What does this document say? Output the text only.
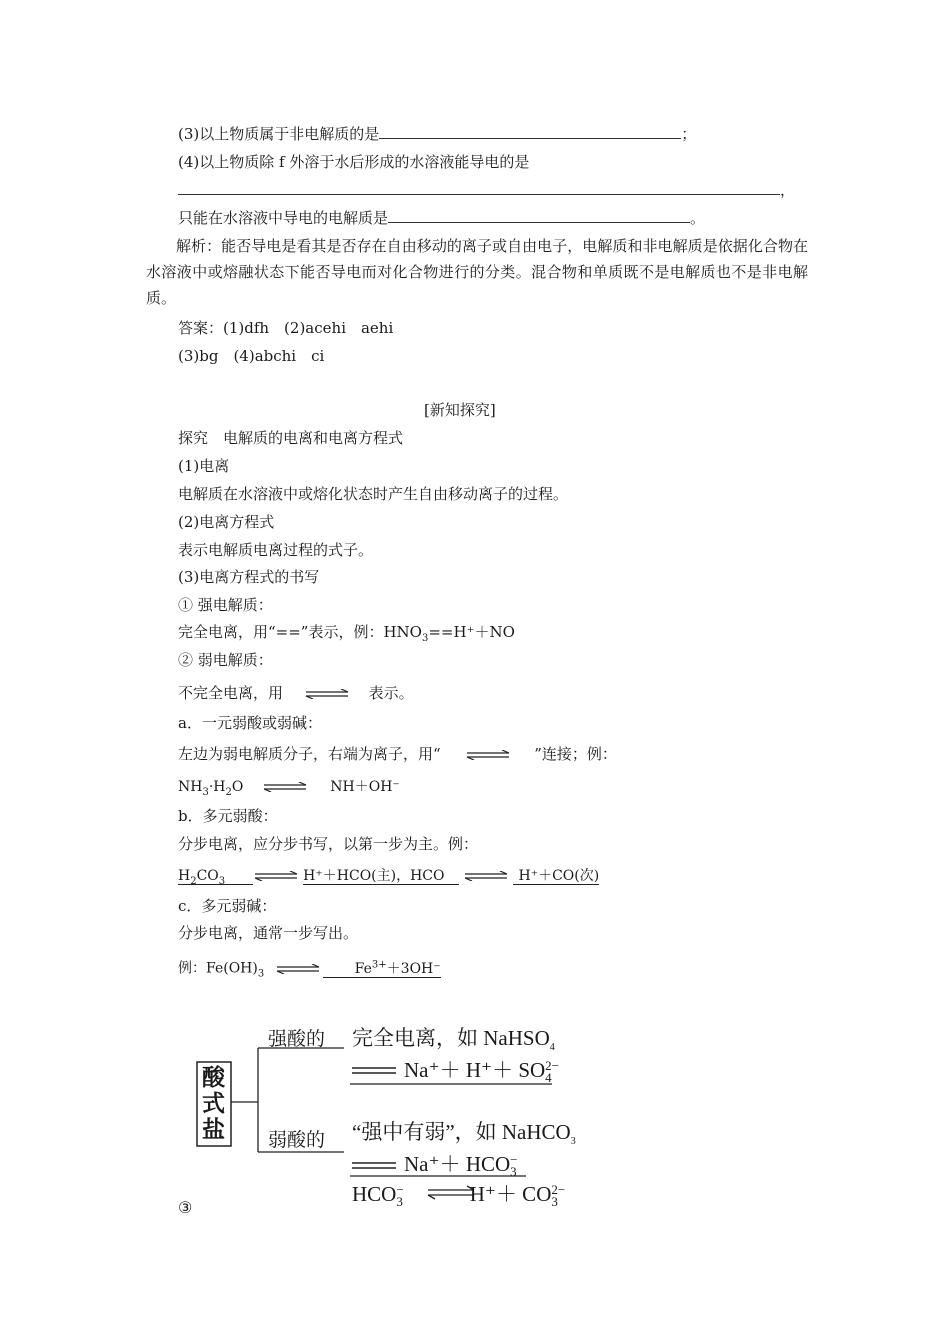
(3)以上物质属于非电解质的是	；
(4)以上物质除 f 外溶于水后形成的水溶液能导电的是
，
只能在水溶液中导电的电解质是	。
解析：能否导电是看其是否存在自由移动的离子或自由电子，电解质和非电解质是依据化合物在水溶液中或熔融状态下能否导电而对化合物进行的分类。混合物和单质既不是电解质也不是非电解质。
答案：(1)dfh　(2)acehi　aehi
(3)bg　(4)abchi　ci
[新知探究]
探究　电解质的电离和电离方程式
(1)电离
电解质在水溶液中或熔化状态时产生自由移动离子的过程。
(2)电离方程式
表示电解质电离过程的式子。
(3)电离方程式的书写
① 强电解质：
完全电离，用“==”表示，例：$HNO_3==H^++NO$
② 弱电解质：
不完全电离，用 ⇌ 表示。
a．一元弱酸或弱碱：
左边为弱电解质分子，右端为离子，用“	”连接；例：
$NH_3\cdot H_2O$ ⇌ NH＋OH⁻
b．多元弱酸：
分步电离，应分步书写，以第一步为主。例：
$H_2CO_3$ ⇌ H⁺＋HCO(主)，HCO ⇌ H⁺＋CO(次)
c．多元弱碱：
分步电离，通常一步写出。
例：$Fe(OH)_3$ ⇌ $Fe^{3+}+3OH^-$
酸
式
盐
强酸的
弱酸的
完全电离，如 NaHSO$_4$
Na⁺＋ H⁺＋ SO2−
4
“强中有弱”，如 NaHCO$_3$
Na⁺＋ HCO−
3
HCO−
3	H⁺＋ CO2−
3
③
